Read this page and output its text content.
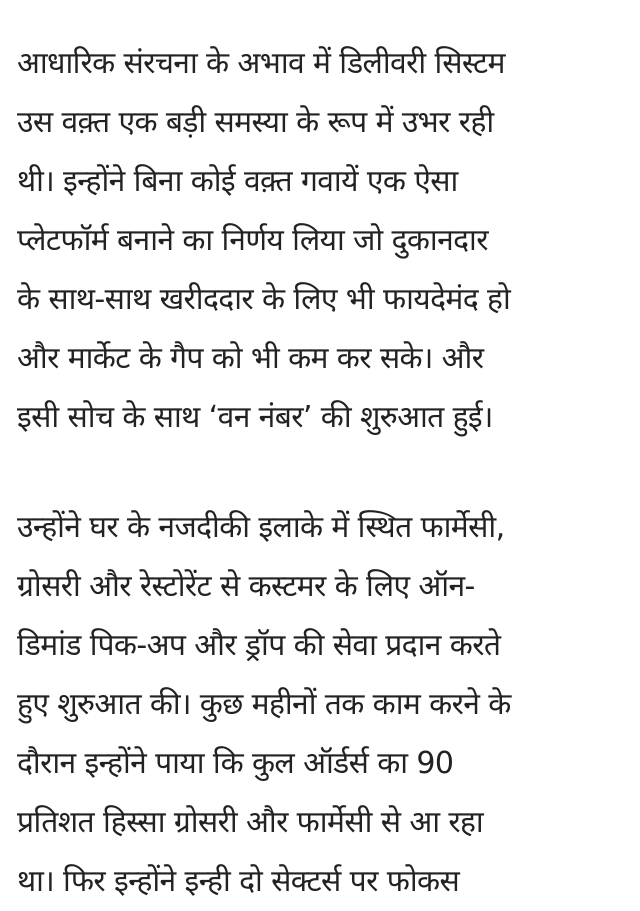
आधारिक संरचना के अभाव में डिलीवरी सिस्टम
उस वक़्त एक बड़ी समस्या के रूप में उभर रही
थी। इन्होंने बिना कोई वक़्त गवायें एक ऐसा
प्लेटफॉर्म बनाने का निर्णय लिया जो दुकानदार
के साथ-साथ खरीददार के लिए भी फायदेमंद हो
और मार्केट के गैप को भी कम कर सके। और
इसी सोच के साथ ‘वन नंबर’ की शुरुआत हुई।

उन्होंने घर के नजदीकी इलाके में स्थित फार्मेसी,
ग्रोसरी और रेस्टोरेंट से कस्टमर के लिए ऑन-
डिमांड पिक-अप और ड्रॉप की सेवा प्रदान करते
हुए शुरुआत की। कुछ महीनों तक काम करने के
दौरान इन्होंने पाया कि कुल ऑर्डर्स का 90
प्रतिशत हिस्सा ग्रोसरी और फार्मेसी से आ रहा
था। फिर इन्होंने इन्ही दो सेक्टर्स पर फोकस
